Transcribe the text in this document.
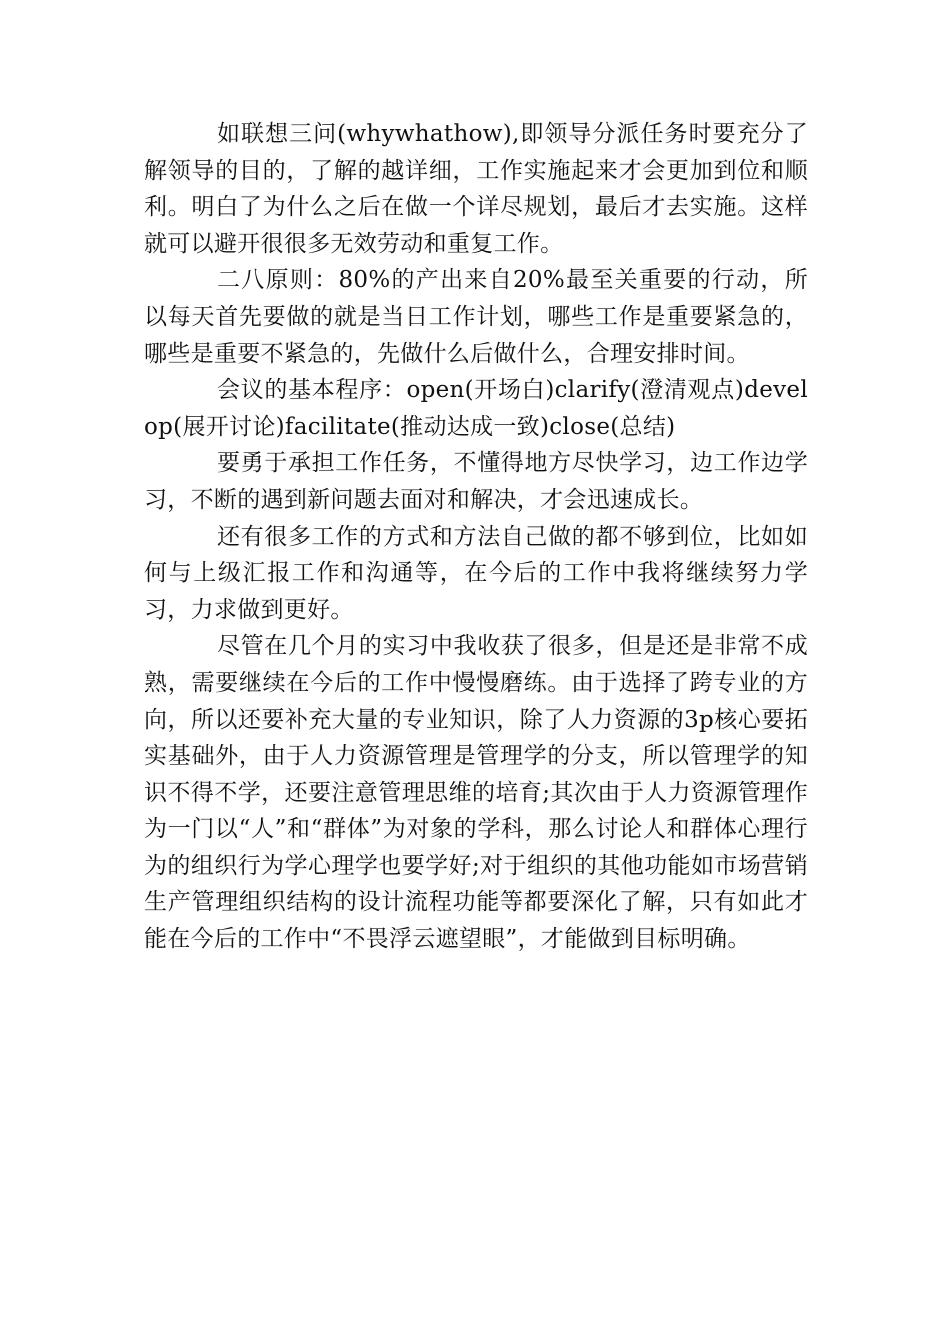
如联想三问(whywhathow),即领导分派任务时要充分了解领导的目的，了解的越详细，工作实施起来才会更加到位和顺利。明白了为什么之后在做一个详尽规划，最后才去实施。这样就可以避开很很多无效劳动和重复工作。

二八原则：80%的产出来自20%最至关重要的行动，所以每天首先要做的就是当日工作计划，哪些工作是重要紧急的，哪些是重要不紧急的，先做什么后做什么，合理安排时间。

会议的基本程序：open(开场白)clarify(澄清观点)develop(展开讨论)facilitate(推动达成一致)close(总结)

要勇于承担工作任务，不懂得地方尽快学习，边工作边学习，不断的遇到新问题去面对和解决，才会迅速成长。

还有很多工作的方式和方法自己做的都不够到位，比如如何与上级汇报工作和沟通等，在今后的工作中我将继续努力学习，力求做到更好。

尽管在几个月的实习中我收获了很多，但是还是非常不成熟，需要继续在今后的工作中慢慢磨练。由于选择了跨专业的方向，所以还要补充大量的专业知识，除了人力资源的3p核心要拓实基础外，由于人力资源管理是管理学的分支，所以管理学的知识不得不学，还要注意管理思维的培育;其次由于人力资源管理作为一门以“人”和“群体”为对象的学科，那么讨论人和群体心理行为的组织行为学心理学也要学好;对于组织的其他功能如市场营销生产管理组织结构的设计流程功能等都要深化了解，只有如此才能在今后的工作中“不畏浮云遮望眼”，才能做到目标明确。
